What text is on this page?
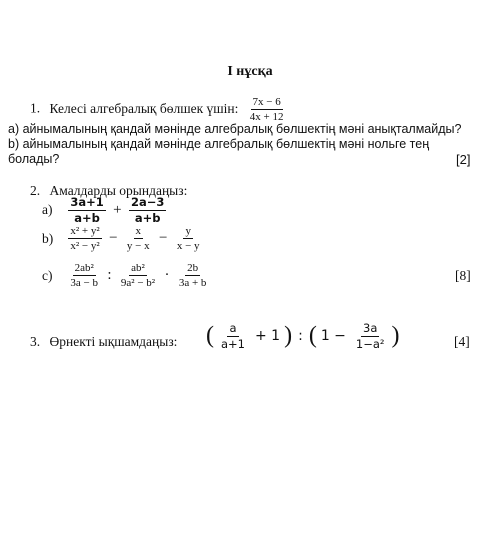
І нұсқа
1. Келесі алгебралық бөлшек үшін: $\frac{7x - 6}{4x + 12}$
a) айнымалының қандай мәнінде алгебралық бөлшектің мәні анықталмайды?
b) айнымалының қандай мәнінде алгебралық бөлшектің мәні нольге тең
болады?	[2]
2. Амалдарды орындаңыз:
$a) \frac{3a+1}{a+b} + \frac{2a-3}{a+b}$
$b) \frac{\text{x² + y²}}{\text{x² − y²}} - \frac{x}{y - x} - \frac{y}{x - y}$
$c) \frac{\text{2ab²}}{3a - b}$ : $\frac{\text{ab²}}{\text{9a² − b²}} \cdot \frac{2b}{3a + b}$	[8]
3. Өрнекті ықшамдаңыз: ( $\frac{a}{a+1} + 1$ ) : ( $1 - \frac{3a}{\text{1−a²}}$ )	[4]
